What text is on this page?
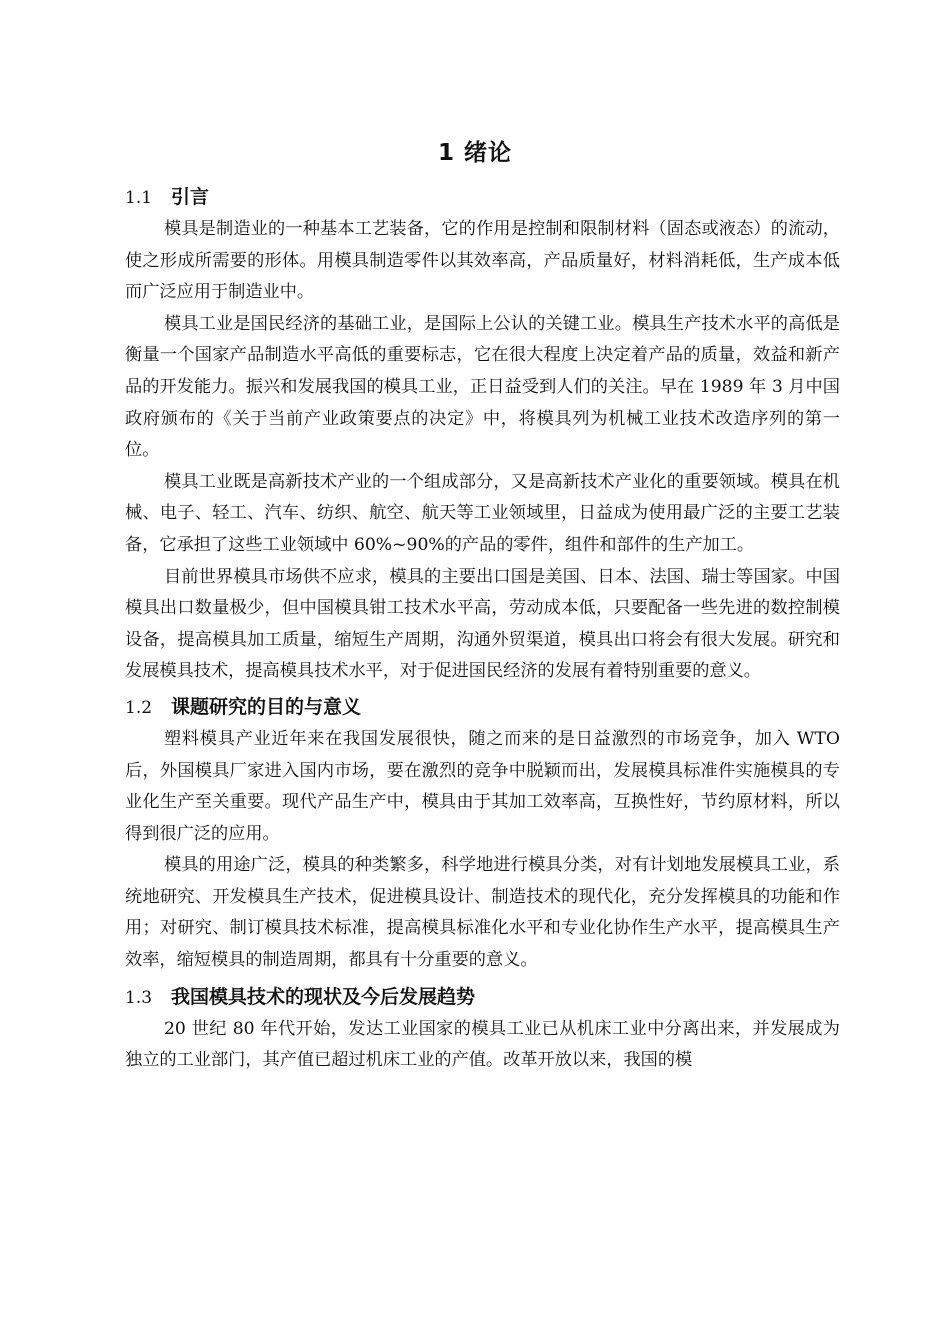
1 绪论
1.1 引言

模具是制造业的一种基本工艺装备，它的作用是控制和限制材料（固态或液态）的流动，使之形成所需要的形体。用模具制造零件以其效率高，产品质量好，材料消耗低，生产成本低而广泛应用于制造业中。

模具工业是国民经济的基础工业，是国际上公认的关键工业。模具生产技术水平的高低是衡量一个国家产品制造水平高低的重要标志，它在很大程度上决定着产品的质量，效益和新产品的开发能力。振兴和发展我国的模具工业，正日益受到人们的关注。早在 1989 年 3 月中国政府颁布的《关于当前产业政策要点的决定》中，将模具列为机械工业技术改造序列的第一位。

模具工业既是高新技术产业的一个组成部分，又是高新技术产业化的重要领域。模具在机械、电子、轻工、汽车、纺织、航空、航天等工业领域里，日益成为使用最广泛的主要工艺装备，它承担了这些工业领域中 60%~90%的产品的零件，组件和部件的生产加工。

目前世界模具市场供不应求，模具的主要出口国是美国、日本、法国、瑞士等国家。中国模具出口数量极少，但中国模具钳工技术水平高，劳动成本低，只要配备一些先进的数控制模设备，提高模具加工质量，缩短生产周期，沟通外贸渠道，模具出口将会有很大发展。研究和发展模具技术，提高模具技术水平，对于促进国民经济的发展有着特别重要的意义。

1.2 课题研究的目的与意义

塑料模具产业近年来在我国发展很快，随之而来的是日益激烈的市场竞争，加入 WTO 后，外国模具厂家进入国内市场，要在激烈的竞争中脱颖而出，发展模具标准件实施模具的专业化生产至关重要。现代产品生产中，模具由于其加工效率高，互换性好，节约原材料，所以得到很广泛的应用。

模具的用途广泛，模具的种类繁多，科学地进行模具分类，对有计划地发展模具工业，系统地研究、开发模具生产技术，促进模具设计、制造技术的现代化，充分发挥模具的功能和作用；对研究、制订模具技术标准，提高模具标准化水平和专业化协作生产水平，提高模具生产效率，缩短模具的制造周期，都具有十分重要的意义。

1.3 我国模具技术的现状及今后发展趋势

20 世纪 80 年代开始，发达工业国家的模具工业已从机床工业中分离出来，并发展成为独立的工业部门，其产值已超过机床工业的产值。改革开放以来，我国的模
